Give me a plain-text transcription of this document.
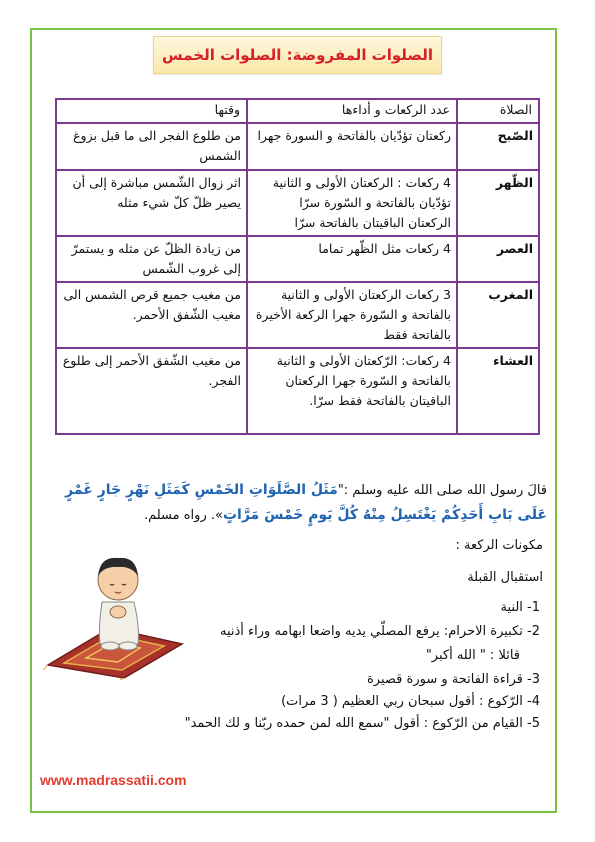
الصلوات المفروضة: الصلوات الخمس
الصلاة	عدد الركعات و أداءها	وقتها
الصّبح	ركعتان تؤدّيان بالفاتحة و السورة جهرا	من طلوع الفجر الى ما قبل بزوغ الشمس
الظّهر	4 ركعات : الركعتان الأولى و الثانية تؤدّيان بالفاتحة و السّورة سرّا الركعتان الباقيتان بالفاتحة سرّا	اثر زوال الشّمس مباشرة إلى أن يصير ظلّ كلّ شيء مثله
العصر	4 ركعات مثل الظّهر تماما	من زيادة الظلّ عن مثله و يستمرّ إلى غروب الشّمس
المغرب	3 ركعات الركعتان الأولى و الثانية بالفاتحة و السّورة جهرا الركعة الأخيرة بالفاتحة فقط	من مغيب جميع قرص الشمس الى مغيب الشّفق الأحمر.
العشاء	4 ركعات: الرّكعتان الأولى و الثانية بالفاتحة و السّورة جهرا الركعتان الباقيتان بالفاتحة فقط سرّا.	من مغيب الشّفق الأحمر إلى طلوع الفجر.
قالَ رسول الله صلى الله عليه وسلم :"مَثَلُ الصَّلَوَاتِ الخَمْسِ كَمَثَلِ نَهْرٍ جَارٍ غَمْرٍ عَلَى بَابِ أَحَدِكُمْ يَغْتَسِلُ مِنْهُ كُلَّ يَومٍ خَمْسَ مَرَّاتٍ». رواه مسلم.
مكونات الركعة :
استقبال القبلة
1- النية
2- تكبيرة الاحرام: يرفع المصلّي يديه واضعا ابهامه وراء أذنيه
قائلا : " الله أكبر"
3- قراءة الفاتحة و سورة قصيرة
4- الرّكوع : أقول سبحان ربي العظيم ( 3 مرات)
5- القيام من الرّكوع : أقول "سمع الله لمن حمده ربّنا و لك الحمد"
www.madrassatii.com
